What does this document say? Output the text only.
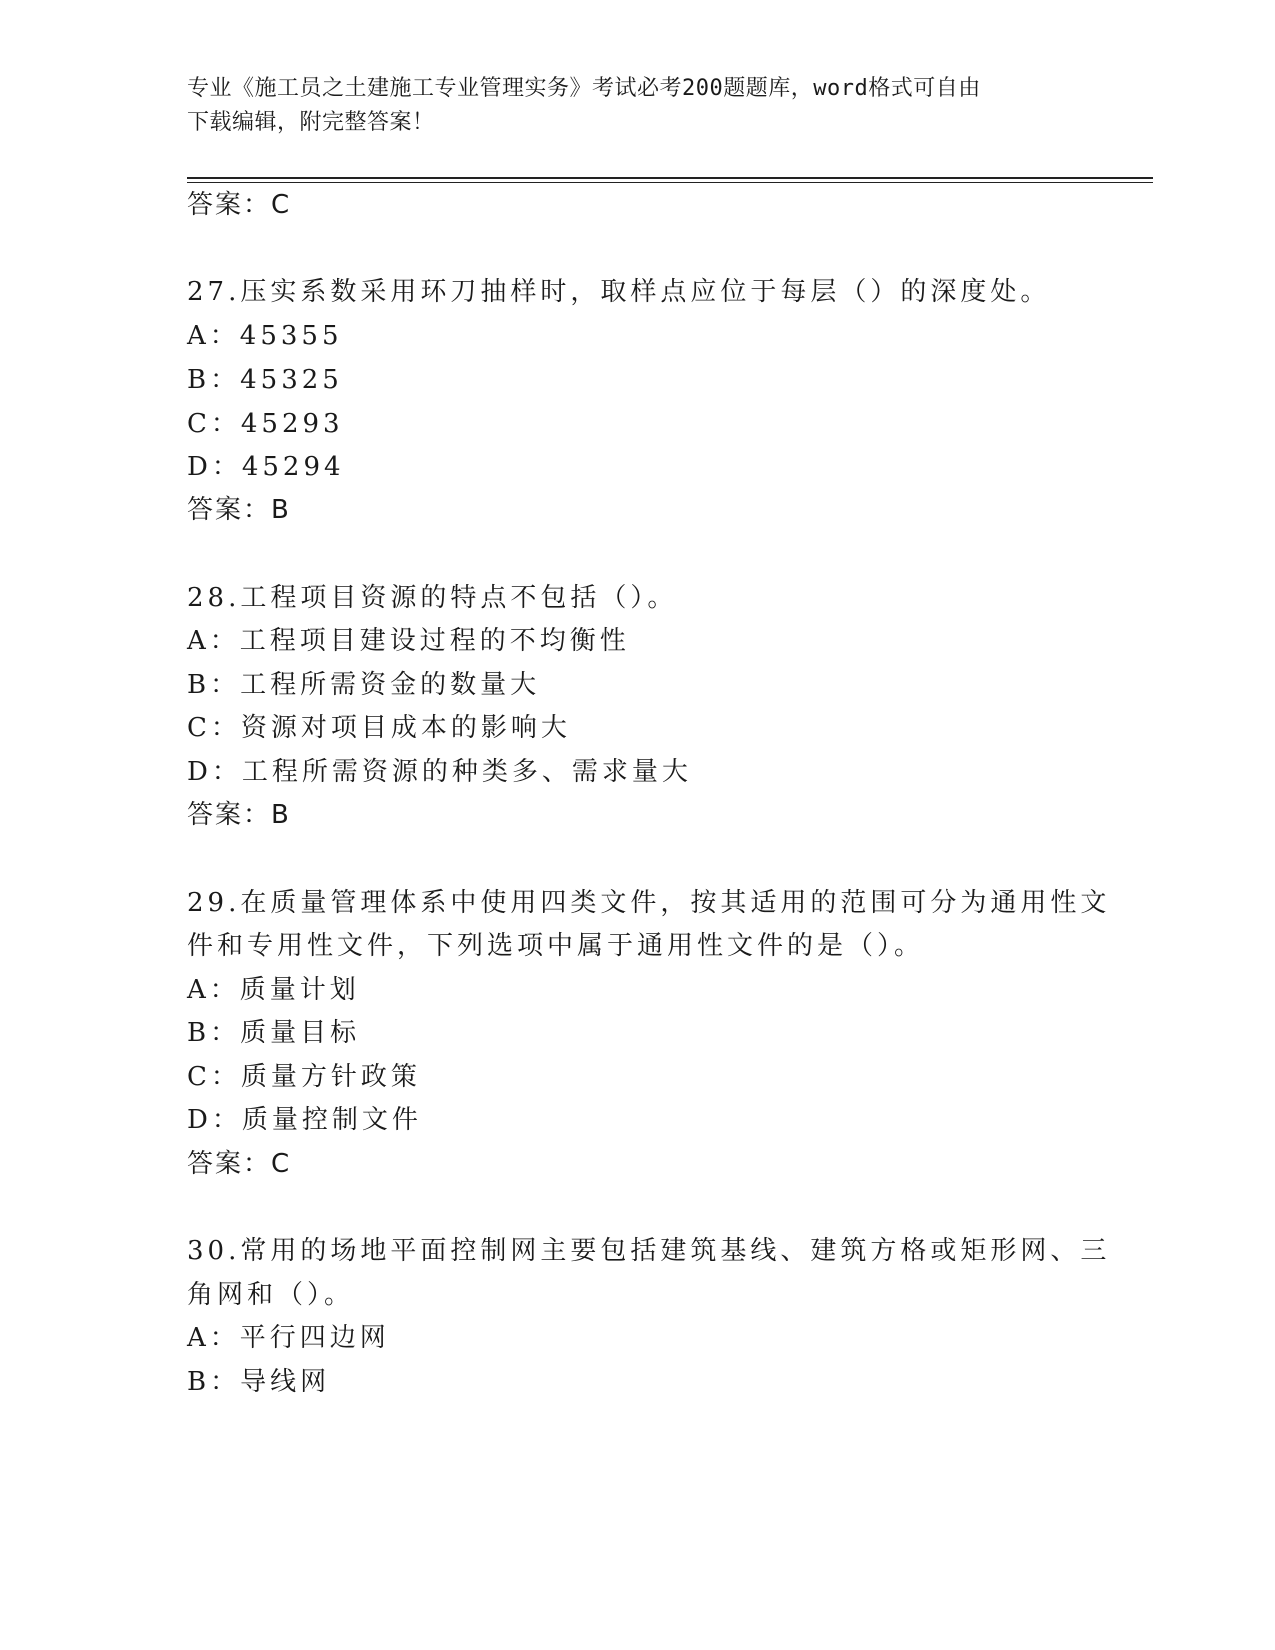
专业《施工员之土建施工专业管理实务》考试必考200题题库，word格式可自由
下载编辑，附完整答案！
答案：C
27.压实系数采用环刀抽样时，取样点应位于每层（）的深度处。
A：45355
B：45325
C：45293
D：45294
答案：B
28.工程项目资源的特点不包括（）。
A：工程项目建设过程的不均衡性
B：工程所需资金的数量大
C：资源对项目成本的影响大
D：工程所需资源的种类多、需求量大
答案：B
29.在质量管理体系中使用四类文件，按其适用的范围可分为通用性文
件和专用性文件，下列选项中属于通用性文件的是（）。
A：质量计划
B：质量目标
C：质量方针政策
D：质量控制文件
答案：C
30.常用的场地平面控制网主要包括建筑基线、建筑方格或矩形网、三
角网和（）。
A：平行四边网
B：导线网
